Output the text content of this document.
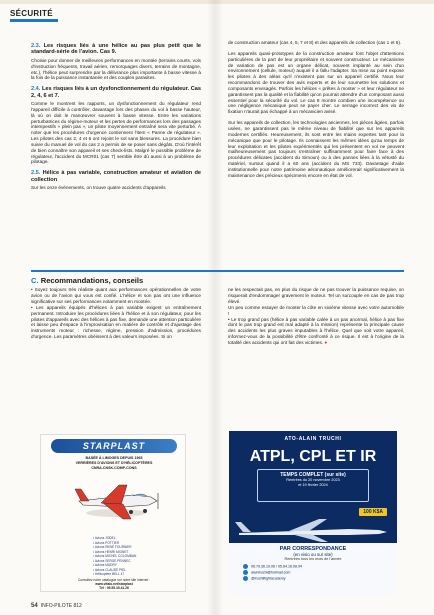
SÉCURITÉ
2.3. Les risques liés à une hélice au pas plus petit que le standard-série de l'avion. Cas 9.

Choisie pour donner de meilleures performances en montée (terrains courts, vols d'instruction fréquents, travail aérien, remorquages divers, terrains de montagne, etc.), l'hélice peut surprendre par la délivrance plus importante à basse vitesse à la fois de la puissance instantanée et des couples parasites.

2.4. Les risques liés à un dysfonctionnement du régulateur. Cas 2, 4, 6 et 7.

Comme le montrent les rapports, un dysfonctionnement du régulateur rend l'appareil difficile à contrôler, davantage lors des phases du vol à basse hauteur, là où on doit le manœuvrer souvent à basse vitesse. Entre les variations perturbatrices du régime-moteur et les pertes de performances lors des passages intempestifs « plein pas », un pilote moyennement entraîné sera vite perturbé. À noter que les procédures d'urgence contiennent l'item « Panne de régulateur ». Les pilotes des cas 2, 4 et 6 ont rejoint le sol sans blessures. La procédure bien suivie du manuel de vol du cas 2 a permis de se poser sans dégâts. D'où l'intérêt de bien connaître son appareil et ses check-lists. Malgré le possible problème de régulateur, l'accident du MCR01 (cas 7) semble être dû aussi à un problème de pilotage.

2.5. Hélice à pas variable, construction amateur et aviation de collection

Sur les onze événements, on trouve quatre accidents d'appareils

de construction amateur (cas 4, 5, 7 et 8) et des appareils de collection (cas 1 et 6).

Les appareils quasi-prototypes de la construction amateur font l'objet d'attentions particulières de la part de leur propriétaire et souvent constructeur. Le mécanisme de variation de pas est un organe délicat, souvent implanté au sein d'un environnement (cellule, moteur) auquel il a fallu l'adapter. Sa mise au point expose les pilotes à des aléas qu'il n'existent pas sur un appareil certifié. Nous leur recommandons de trouver des avis experts et de leur soumettre les solutions et composants envisagés. Parfois les hélices « prêtes à monter » et leur régulateur ne garantissent pas la qualité et la fiabilité qu'on pourrait attendre d'un composant aussi essentiel pour la sécurité du vol. Le cas 8 montre combien une incompétence ou une négligence mécanique peut se payer cher. Le serrage incorrect des vis de fixation n'aurait pas échappé à un mécanicien avisé.

Sur les appareils de collection, les technologies anciennes, les pièces âgées, parfois usées, ne garantissent pas le même niveau de fiabilité que sur les appareils modernes certifiés. Heureusement, ils sont entre les mains expertes tant pour la mécanique que pour le pilotage. Ils connaissent les mêmes idées qu'au temps de leur exploitation et les pilotes expérimentés qui les présentent en vol ne peuvent malheureusement pas toujours s'entraîner suffisamment pour faire face à des procédures délicates (accident du Simoun) ou à des pannes liées à la vétusté du matériel, surtout quand il a 60 ans (accident du MS 733). Davantage d'aide institutionnelle pour notre patrimoine aéronautique améliorerait significativement la maintenance des précieux spécimens encore en état de vol.

C. Recommandations, conseils

• Soyez toujours très réaliste quant aux performances opérationnelles de votre avion ou de l'avion qui vous est confié. L'hélice et son pas ont une influence significative sur ses performances notamment en montée.

• Les appareils équipés d'hélices à pas variable exigent un entraînement permanent. Introduire les procédures liées à l'hélice et à son régulateur, pour les pilotes d'appareils avec des hélices à pas fixe, demande une attention particulière et laisse peu d'espace à l'improvisation en matière de contrôle et d'ajustage des instruments moteur : richesse, régime, pression d'admission, procédures d'urgence. Les paramètres obéissent à des valeurs imposées. Si on

ne les respectait pas, en plus du risque de ne pas trouver la puissance requise, on risquerait d'endommager gravement le moteur. Tel un surcouple en cas de pas trop élevé.

Un peu comme essayer de monter la côte en sixième vitesse avec votre automobile !

• Le trop grand pas (hélice à pas variable calée à un pas anormal, hélice à pas fixe dont le pas trop grand est mal adapté à la mission) représente la principale cause des accidents les plus graves imputables à l'hélice. Quel que soit votre appareil, informez-vous de la possibilité d'être confronté à ce risque. Il est à l'origine de la totalité des accidents qui ont fait des victimes. ●

STARPLAST
BASÉE À LIMOGES DEPUIS 1965
VERRIÈRES D'AVIONS ET D'HÉLICOPTÈRES
CNRA-CNSK-COMP-CONS
• Avions JODEL
• Avions POTTIER
• Avions RENÉ FOURNIER
• Avions HENRI MIGNET
• Avions MICHEL COLOMBAN
• Avions SERGE PENNEC
• Avions MUDRY
• Avions CLAUDE PIEL
• Hélicoptère BELL 47
Consultez notre catalogue sur notre site internet :
www.vitalo.net/starplast
Tél : 05.55.30.41.26
ATO-ALAIN TRUCHI
ATPL, CPL ET IR
TEMPS COMPLET (sur site)
Rentrées du 20 novembre 2023
et 19 février 2024
100 K$A
PAR CORRESPONDANCE
(en visio ou sur site)
Rentrées tous les mois de l'année
06.79.36.19.06 / 05.64.16.08.94
alaintruchi@hotmail.com
@truchiflightacademy
54 INFO-PILOTE 812
